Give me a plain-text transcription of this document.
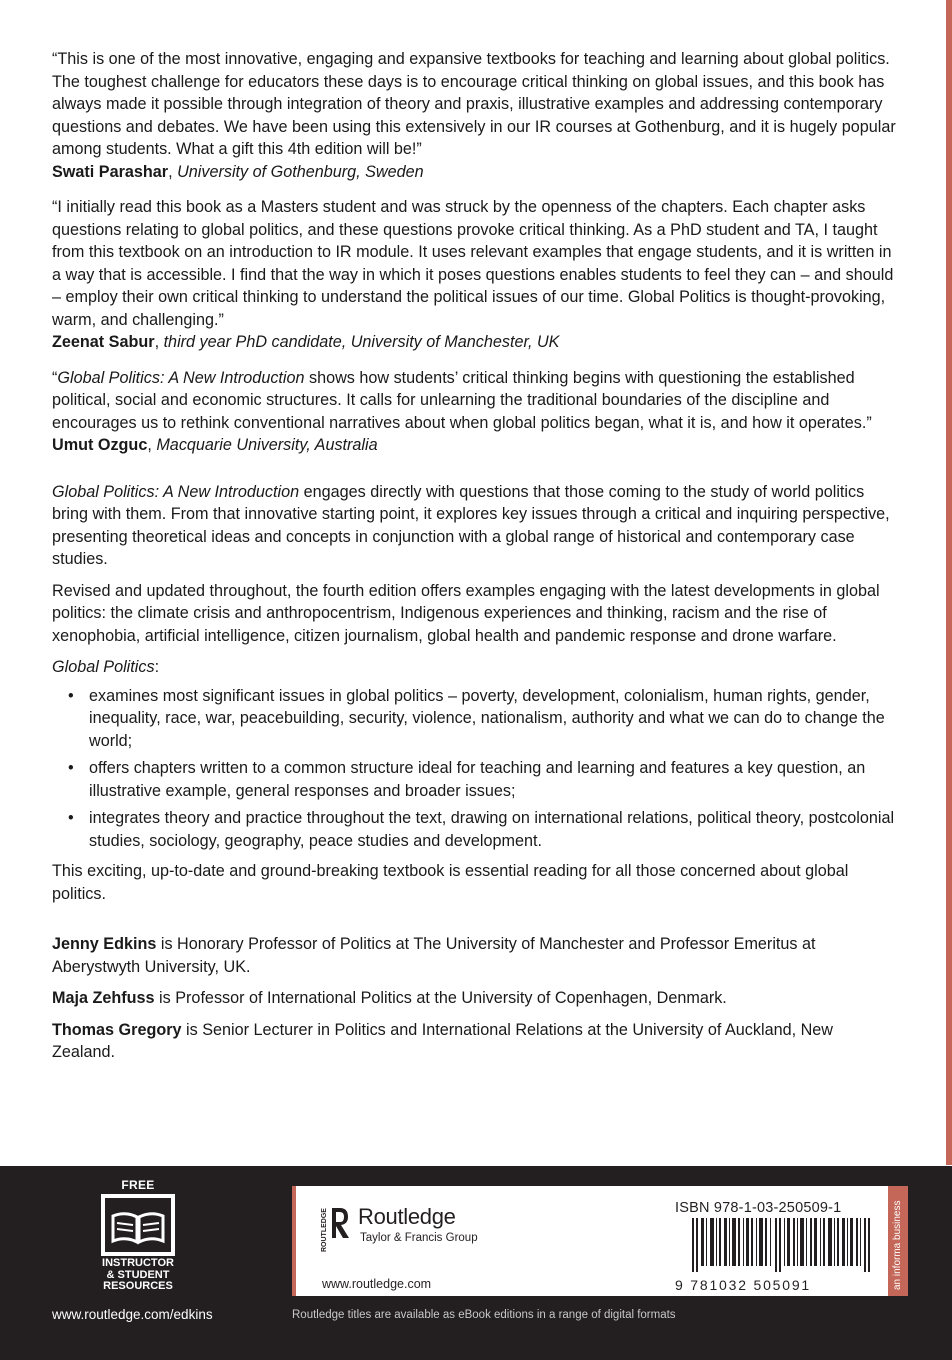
“This is one of the most innovative, engaging and expansive textbooks for teaching and learning about global politics. The toughest challenge for educators these days is to encourage critical thinking on global issues, and this book has always made it possible through integration of theory and praxis, illustrative examples and addressing contemporary questions and debates. We have been using this extensively in our IR courses at Gothenburg, and it is hugely popular among students. What a gift this 4th edition will be!”

Swati Parashar, University of Gothenburg, Sweden

“I initially read this book as a Masters student and was struck by the openness of the chapters. Each chapter asks questions relating to global politics, and these questions provoke critical thinking. As a PhD student and TA, I taught from this textbook on an introduction to IR module. It uses relevant examples that engage students, and it is written in a way that is accessible. I find that the way in which it poses questions enables students to feel they can – and should – employ their own critical thinking to understand the political issues of our time. Global Politics is thought-provoking, warm, and challenging.”

Zeenat Sabur, third year PhD candidate, University of Manchester, UK

“Global Politics: A New Introduction shows how students’ critical thinking begins with questioning the established political, social and economic structures. It calls for unlearning the traditional boundaries of the discipline and encourages us to rethink conventional narratives about when global politics began, what it is, and how it operates.”

Umut Ozguc, Macquarie University, Australia

Global Politics: A New Introduction engages directly with questions that those coming to the study of world politics bring with them. From that innovative starting point, it explores key issues through a critical and inquiring perspective, presenting theoretical ideas and concepts in conjunction with a global range of historical and contemporary case studies.

Revised and updated throughout, the fourth edition offers examples engaging with the latest developments in global politics: the climate crisis and anthropocentrism, Indigenous experiences and thinking, racism and the rise of xenophobia, artificial intelligence, citizen journalism, global health and pandemic response and drone warfare.

Global Politics:

• examines most significant issues in global politics – poverty, development, colonialism, human rights, gender, inequality, race, war, peacebuilding, security, violence, nationalism, authority and what we can do to change the world;
• offers chapters written to a common structure ideal for teaching and learning and features a key question, an illustrative example, general responses and broader issues;
• integrates theory and practice throughout the text, drawing on international relations, political theory, postcolonial studies, sociology, geography, peace studies and development.

This exciting, up-to-date and ground-breaking textbook is essential reading for all those concerned about global politics.

Jenny Edkins is Honorary Professor of Politics at The University of Manchester and Professor Emeritus at Aberystwyth University, UK.

Maja Zehfuss is Professor of International Politics at the University of Copenhagen, Denmark.

Thomas Gregory is Senior Lecturer in Politics and International Relations at the University of Auckland, New Zealand.

FREE
INSTRUCTOR
& STUDENT
RESOURCES
www.routledge.com/edkins
ROUTLEDGE Routledge
Taylor & Francis Group
www.routledge.com
ISBN 978-1-03-250509-1
9 781032 505091	an informa business
Routledge titles are available as eBook editions in a range of digital formats
